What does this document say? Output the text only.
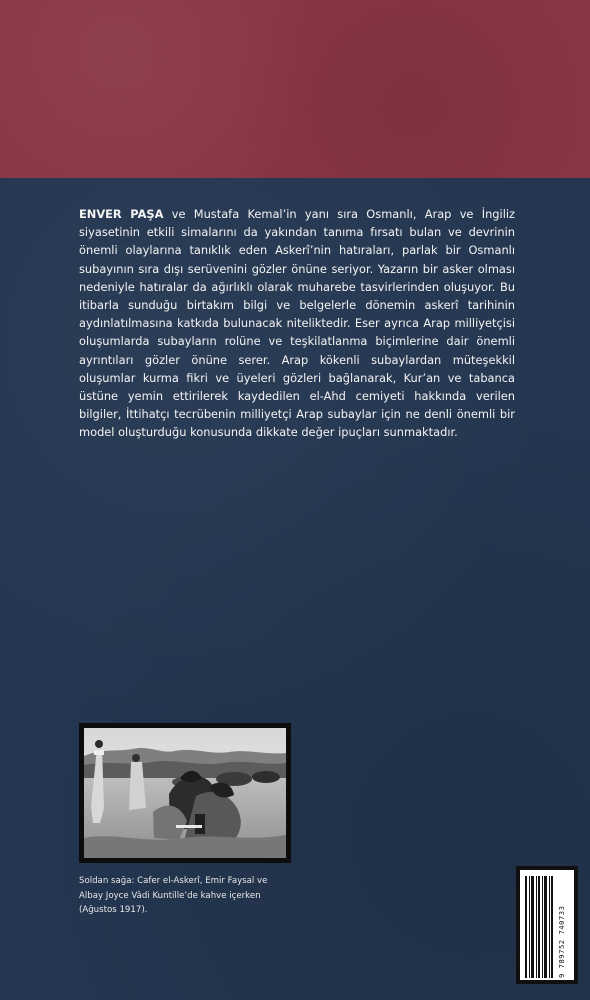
ENVER PAŞA ve Mustafa Kemal’in yanı sıra Osmanlı, Arap ve İngiliz siyasetinin etkili simalarını da yakından tanıma fırsatı bulan ve devrinin önemli olaylarına tanıklık eden Askerî’nin hatıraları, parlak bir Osmanlı subayının sıra dışı serüvenini gözler önüne seriyor. Yazarın bir asker olması nedeniyle hatıralar da ağırlıklı olarak muharebe tasvirlerinden oluşuyor. Bu itibarla sunduğu birtakım bilgi ve belgelerle dönemin askerî tarihinin aydınlatılmasına katkıda bulunacak niteliktedir. Eser ayrıca Arap milliyetçisi oluşumlarda subayların rolüne ve teşkilatlanma biçimlerine dair önemli ayrıntıları gözler önüne serer. Arap kökenli subaylardan müteşekkil oluşumlar kurma fikri ve üyeleri gözleri bağlanarak, Kur’an ve tabanca üstüne yemin ettirilerek kaydedilen el-Ahd cemiyeti hakkında verilen bilgiler, İttihatçı tecrübenin milliyetçi Arap subaylar için ne denli önemli bir model oluşturduğu konusunda dikkate değer ipuçları sunmaktadır.

Soldan sağa: Cafer el-Askerî, Emir Faysal ve
Albay Joyce Vâdi Kuntille’de kahve içerken
(Ağustos 1917).	9 789752 740733
